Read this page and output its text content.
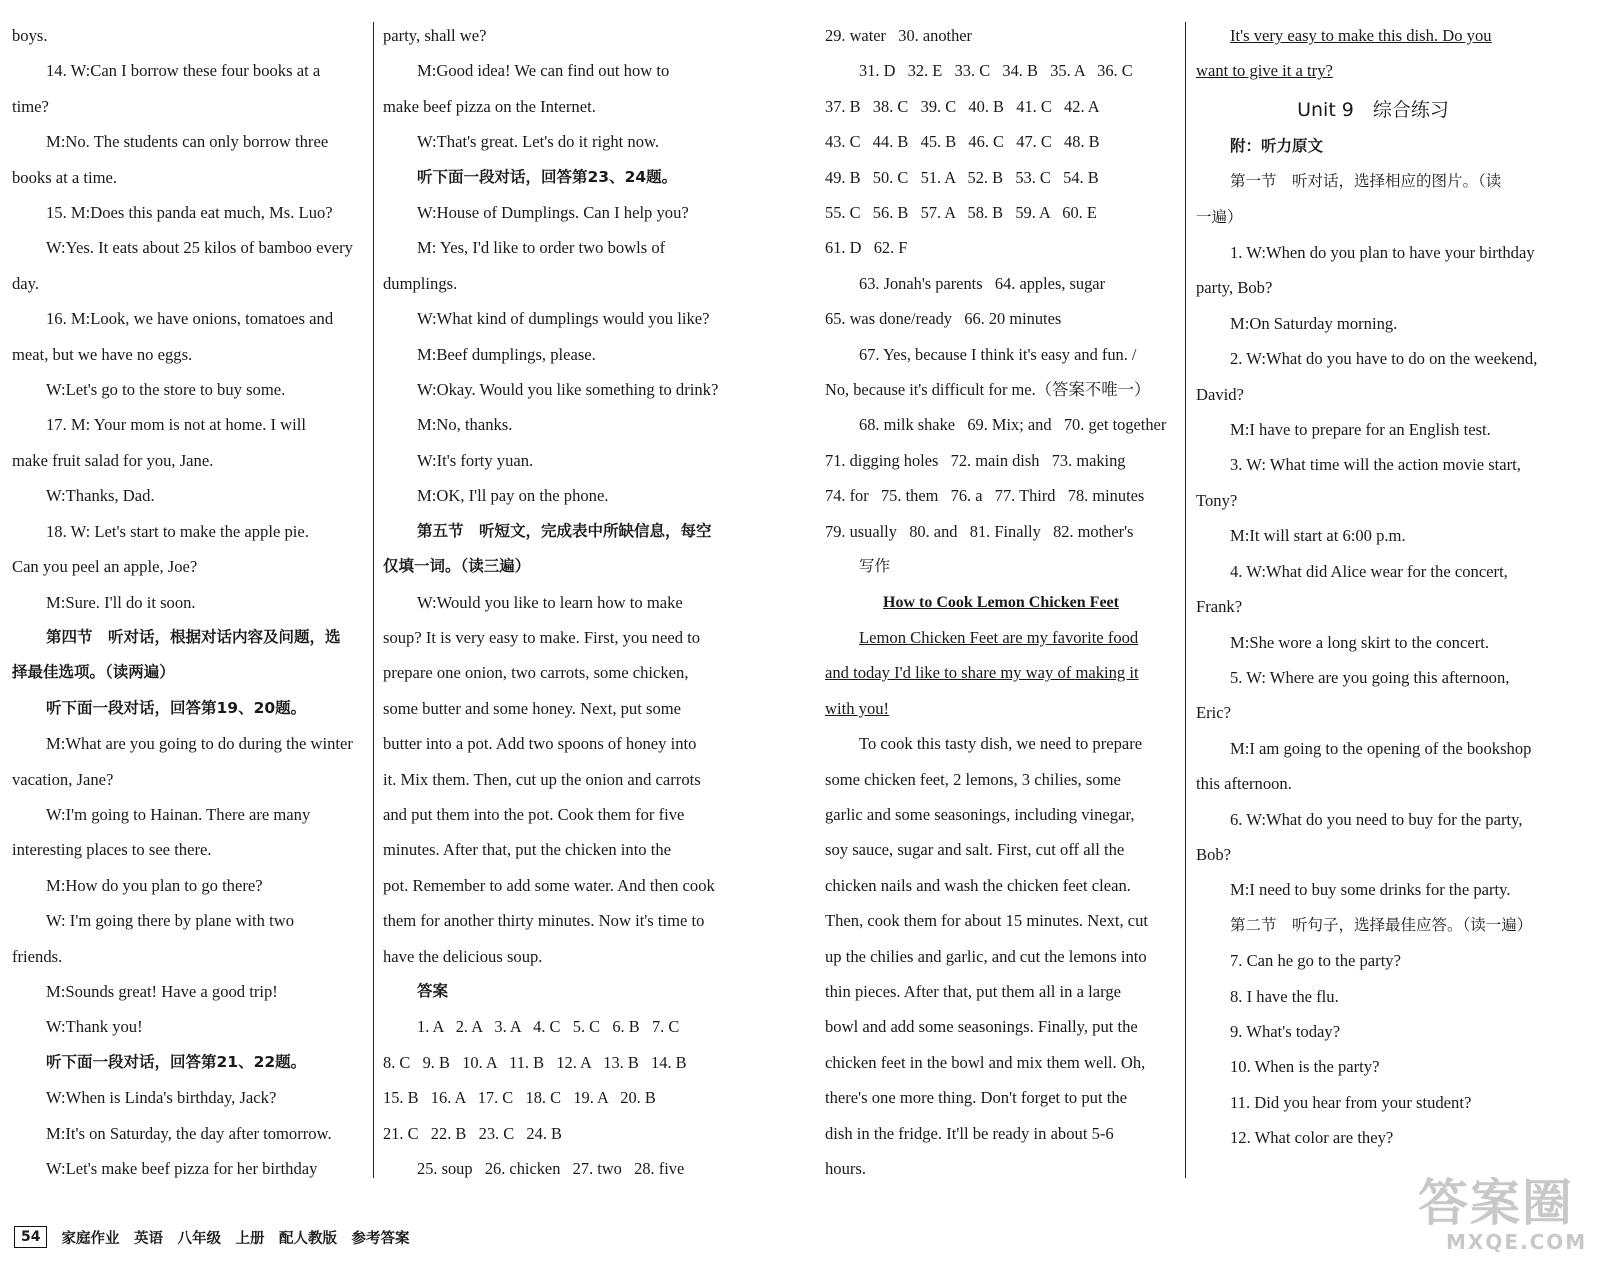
boys.

14. W:Can I borrow these four books at a

time?

M:No. The students can only borrow three

books at a time.

15. M:Does this panda eat much, Ms. Luo?

W:Yes. It eats about 25 kilos of bamboo every

day.

16. M:Look, we have onions, tomatoes and

meat, but we have no eggs.

W:Let's go to the store to buy some.

17. M: Your mom is not at home. I will

make fruit salad for you, Jane.

W:Thanks, Dad.

18. W: Let's start to make the apple pie.

Can you peel an apple, Joe?

M:Sure. I'll do it soon.

第四节　听对话，根据对话内容及问题，选

择最佳选项。（读两遍）

听下面一段对话，回答第19、20题。

M:What are you going to do during the winter

vacation, Jane?

W:I'm going to Hainan. There are many

interesting places to see there.

M:How do you plan to go there?

W: I'm going there by plane with two

friends.

M:Sounds great! Have a good trip!

W:Thank you!

听下面一段对话，回答第21、22题。

W:When is Linda's birthday, Jack?

M:It's on Saturday, the day after tomorrow.

W:Let's make beef pizza for her birthday

party, shall we?

M:Good idea! We can find out how to

make beef pizza on the Internet.

W:That's great. Let's do it right now.

听下面一段对话，回答第23、24题。

W:House of Dumplings. Can I help you?

M: Yes, I'd like to order two bowls of

dumplings.

W:What kind of dumplings would you like?

M:Beef dumplings, please.

W:Okay. Would you like something to drink?

M:No, thanks.

W:It's forty yuan.

M:OK, I'll pay on the phone.

第五节　听短文，完成表中所缺信息，每空

仅填一词。（读三遍）

W:Would you like to learn how to make

soup? It is very easy to make. First, you need to

prepare one onion, two carrots, some chicken,

some butter and some honey. Next, put some

butter into a pot. Add two spoons of honey into

it. Mix them. Then, cut up the onion and carrots

and put them into the pot. Cook them for five

minutes. After that, put the chicken into the

pot. Remember to add some water. And then cook

them for another thirty minutes. Now it's time to

have the delicious soup.

答案

1. A   2. A   3. A   4. C   5. C   6. B   7. C

8. C   9. B   10. A   11. B   12. A   13. B   14. B

15. B   16. A   17. C   18. C   19. A   20. B

21. C   22. B   23. C   24. B

25. soup   26. chicken   27. two   28. five

29. water   30. another

31. D   32. E   33. C   34. B   35. A   36. C

37. B   38. C   39. C   40. B   41. C   42. A

43. C   44. B   45. B   46. C   47. C   48. B

49. B   50. C   51. A   52. B   53. C   54. B

55. C   56. B   57. A   58. B   59. A   60. E

61. D   62. F

63. Jonah's parents   64. apples, sugar

65. was done/ready   66. 20 minutes

67. Yes, because I think it's easy and fun. /

No, because it's difficult for me.（答案不唯一）

68. milk shake   69. Mix; and   70. get together

71. digging holes   72. main dish   73. making

74. for   75. them   76. a   77. Third   78. minutes

79. usually   80. and   81. Finally   82. mother's

写作

How to Cook Lemon Chicken Feet

Lemon Chicken Feet are my favorite food

and today I'd like to share my way of making it

with you!

To cook this tasty dish, we need to prepare

some chicken feet, 2 lemons, 3 chilies, some

garlic and some seasonings, including vinegar,

soy sauce, sugar and salt. First, cut off all the

chicken nails and wash the chicken feet clean.

Then, cook them for about 15 minutes. Next, cut

up the chilies and garlic, and cut the lemons into

thin pieces. After that, put them all in a large

bowl and add some seasonings. Finally, put the

chicken feet in the bowl and mix them well. Oh,

there's one more thing. Don't forget to put the

dish in the fridge. It'll be ready in about 5-6

hours.

It's very easy to make this dish. Do you

want to give it a try?

Unit 9　综合练习

附：听力原文

第一节　听对话，选择相应的图片。（读

一遍）

1. W:When do you plan to have your birthday

party, Bob?

M:On Saturday morning.

2. W:What do you have to do on the weekend,

David?

M:I have to prepare for an English test.

3. W: What time will the action movie start,

Tony?

M:It will start at 6:00 p.m.

4. W:What did Alice wear for the concert,

Frank?

M:She wore a long skirt to the concert.

5. W: Where are you going this afternoon,

Eric?

M:I am going to the opening of the bookshop

this afternoon.

6. W:What do you need to buy for the party,

Bob?

M:I need to buy some drinks for the party.

第二节　听句子，选择最佳应答。（读一遍）

7. Can he go to the party?

8. I have the flu.

9. What's today?

10. When is the party?

11. Did you hear from your student?

12. What color are they?

54	家庭作业　英语　八年级　上册　配人教版　参考答案
答案圈
MXQE.COM
